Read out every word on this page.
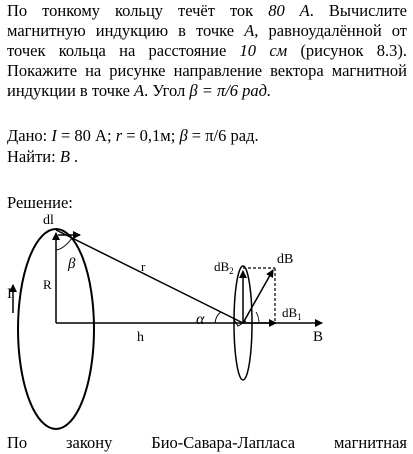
По тонкому кольцу течёт ток 80 А. Вычислите магнитную индукцию в точке А, равноудалённой от точек кольца на расстояние 10 см (рисунок 8.3). Покажите на рисунке направление вектора магнитной индукции в точке А. Угол β = π/6 рад.
Дано: I = 80 А; r = 0,1м; β = π/6 рад.
Найти: B .
Решение:
dl
β	r
R
I
h
α
$dB_2$
dB
$dB_1$
B
По закону Био-Савара-Лапласа магнитная
